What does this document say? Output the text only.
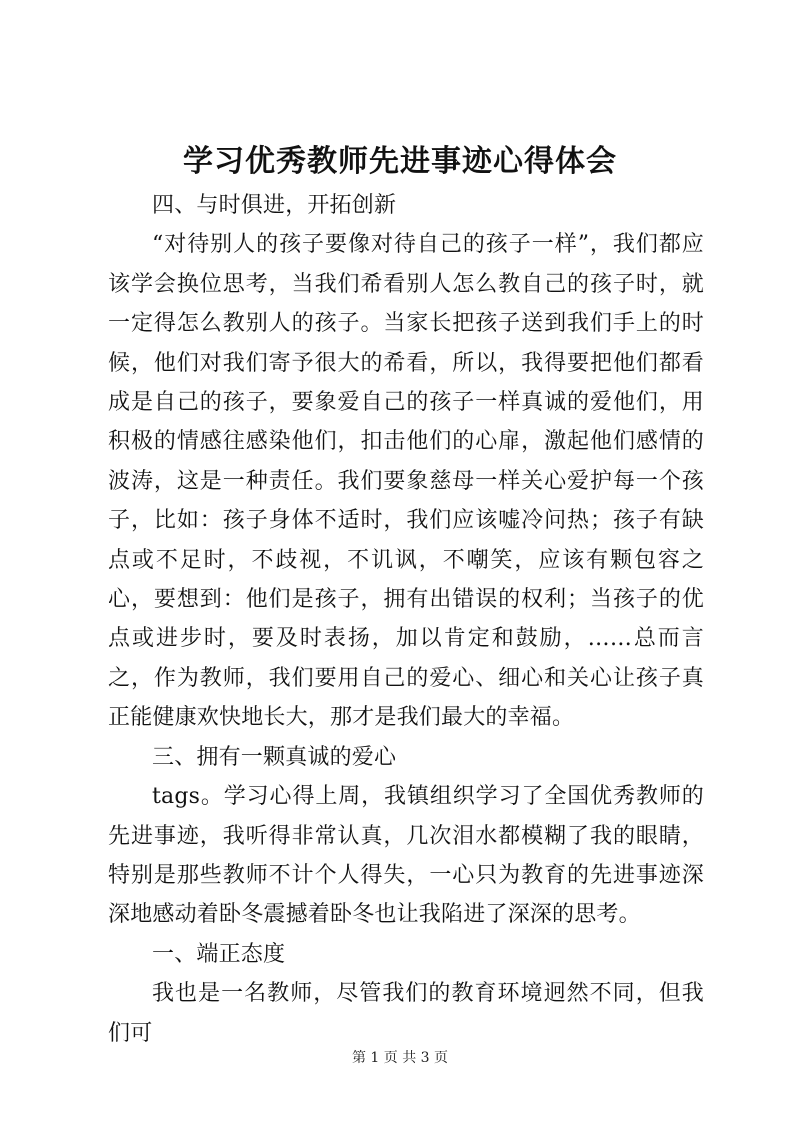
学习优秀教师先进事迹心得体会

四、与时俱进，开拓创新

“对待别人的孩子要像对待自己的孩子一样”，我们都应该学会换位思考，当我们希看别人怎么教自己的孩子时，就一定得怎么教别人的孩子。当家长把孩子送到我们手上的时候，他们对我们寄予很大的希看，所以，我得要把他们都看成是自己的孩子，要象爱自己的孩子一样真诚的爱他们，用积极的情感往感染他们，扣击他们的心扉，激起他们感情的波涛，这是一种责任。我们要象慈母一样关心爱护每一个孩子，比如：孩子身体不适时，我们应该嘘冷问热；孩子有缺点或不足时，不歧视，不讥讽，不嘲笑，应该有颗包容之心，要想到：他们是孩子，拥有出错误的权利；当孩子的优点或进步时，要及时表扬，加以肯定和鼓励，……总而言之，作为教师，我们要用自己的爱心、细心和关心让孩子真正能健康欢快地长大，那才是我们最大的幸福。

三、拥有一颗真诚的爱心

tags。学习心得上周，我镇组织学习了全国优秀教师的先进事迹，我听得非常认真，几次泪水都模糊了我的眼睛，特别是那些教师不计个人得失，一心只为教育的先进事迹深深地感动着卧冬震撼着卧冬也让我陷进了深深的思考。

一、端正态度

我也是一名教师，尽管我们的教育环境迥然不同，但我们可

第 1 页 共 3 页
